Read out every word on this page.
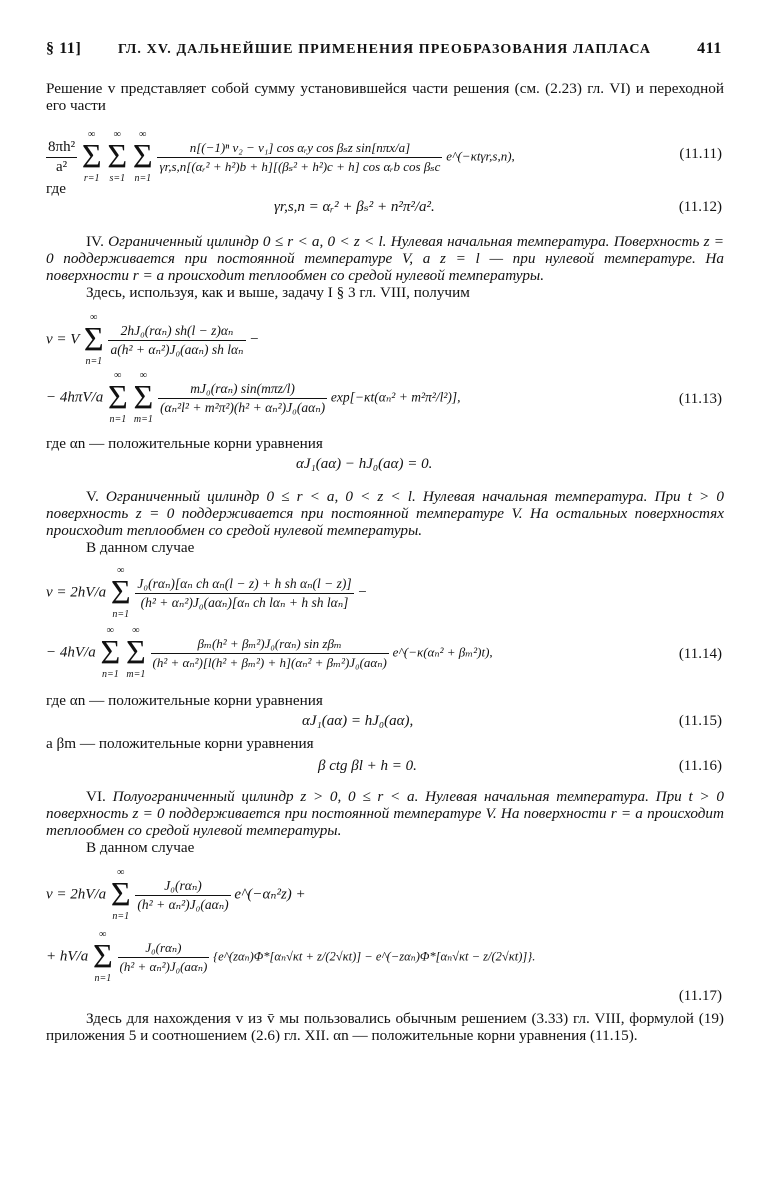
§ 11]	ГЛ. XV. ДАЛЬНЕЙШИЕ ПРИМЕНЕНИЯ ПРЕОБРАЗОВАНИЯ ЛАПЛАСА	411

Решение v представляет собой сумму установившейся части решения (см. (2.23) гл. VI) и переходной его части

$\frac{\text{8πh²}}{\text{a²}}$

∞
Σ
r=1

∞
Σ
s=1

∞
Σ
n=1

$\frac{\text{n[(−1)ⁿ v₂ − v₁] cos αᵣy cos βₛz sin[nπx/a]}}{\text{γr,s,n[(αᵣ² + h²)b + h][(βₛ² + h²)c + h] cos αᵣb cos βₛc}}$ e^(−κtγr,s,n),	(11.11)

где

γr,s,n = αᵣ² + βₛ² + n²π²/a².	(11.12)

IV. Ограниченный цилиндр 0 ≤ r < a, 0 < z < l. Нулевая начальная температура. Поверхность z = 0 поддерживается при постоянной температуре V, а z = l — при нулевой температуре. На поверхности r = a происходит теплообмен со средой нулевой температуры.

Здесь, используя, как и выше, задачу I § 3 гл. VIII, получим

v = V
∞
Σ
n=1

$\frac{\text{2hJ₀(rαₙ) sh(l − z)αₙ}}{\text{a(h² + αₙ²)J₀(aαₙ) sh lαₙ}}$ −
− 4hπV/a
∞
Σ
n=1

∞
Σ
m=1

$\frac{\text{mJ₀(rαₙ) sin(mπz/l)}}{\text{(αₙ²l² + m²π²)(h² + αₙ²)J₀(aαₙ)}} \exp[-\kappa t(\alpha_n^2 + m^2\pi^2/l^2)]$,	(11.13)

где αn — положительные корни уравнения

αJ₁(aα) − hJ₀(aα) = 0.

V. Ограниченный цилиндр 0 ≤ r < a, 0 < z < l. Нулевая начальная температура. При t > 0 поверхность z = 0 поддерживается при постоянной температуре V. На остальных поверхностях происходит теплообмен со средой нулевой температуры.

В данном случае

v = 2hV/a
∞
Σ
n=1

$\frac{\text{J₀(rαₙ)[αₙ ch αₙ(l − z) + h sh αₙ(l − z)]}}{\text{(h² + αₙ²)J₀(aαₙ)[αₙ ch lαₙ + h sh lαₙ]}}$ −
− 4hV/a
∞
Σ
n=1

∞
Σ
m=1

$\frac{\text{βₘ(h² + βₘ²)J₀(rαₙ) sin zβₘ}}{\text{(h² + αₙ²)[l(h² + βₘ²) + h](αₙ² + βₘ²)J₀(aαₙ)}}$ e^(−κ(αₙ² + βₘ²)t),	(11.14)

где αn — положительные корни уравнения

αJ₁(aα) = hJ₀(aα),	(11.15)

а βm — положительные корни уравнения

β ctg βl + h = 0.	(11.16)

VI. Полуограниченный цилиндр z > 0, 0 ≤ r < a. Нулевая начальная температура. При t > 0 поверхность z = 0 поддерживается при постоянной температуре V. На поверхности r = a происходит теплообмен со средой нулевой температуры.

В данном случае

v = 2hV/a
∞
Σ
n=1

$\frac{\text{J₀(rαₙ)}}{\text{(h² + αₙ²)J₀(aαₙ)}}$ e^(−αₙ²z) +
+ hV/a
∞
Σ
n=1

$\frac{\text{J₀(rαₙ)}}{\text{(h² + αₙ²)J₀(aαₙ)}}$ {e^(zαₙ)Φ*[αₙ√κt + z/(2√κt)] − e^(−zαₙ)Φ*[αₙ√κt − z/(2√κt)]}.
(11.17)

Здесь для нахождения v из v̄ мы пользовались обычным решением (3.33) гл. VIII, формулой (19) приложения 5 и соотношением (2.6) гл. XII. αn — положительные корни уравнения (11.15).
